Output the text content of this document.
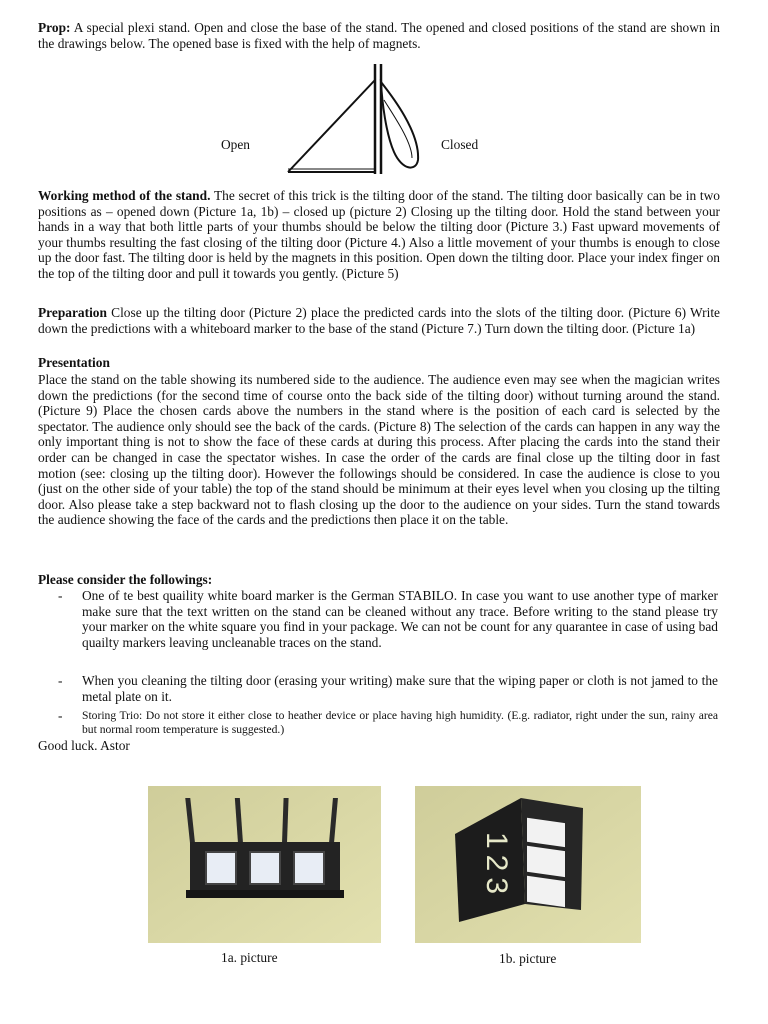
Prop: A special plexi stand. Open and close the base of the stand. The opened and closed positions of the stand are shown in the drawings below. The opened base is fixed with the help of magnets.

Open	Closed

Working method of the stand. The secret of this trick is the tilting door of the stand. The tilting door basically can be in two positions as – opened down (Picture 1a, 1b) – closed up (picture 2) Closing up the tilting door. Hold the stand between your hands in a way that both little parts of your thumbs should be below the tilting door (Picture 3.) Fast upward movements of your thumbs resulting the fast closing of the tilting door (Picture 4.) Also a little movement of your thumbs is enough to close up the door fast. The tilting door is held by the magnets in this position. Open down the tilting door. Place your index finger on the top of the tilting door and pull it towards you gently. (Picture 5)

Preparation Close up the tilting door (Picture 2) place the predicted cards into the slots of the tilting door. (Picture 6) Write down the predictions with a whiteboard marker to the base of the stand (Picture 7.) Turn down the tilting door. (Picture 1a)

Presentation

Place the stand on the table showing its numbered side to the audience. The audience even may see when the magician writes down the predictions (for the second time of course onto the back side of the tilting door) without turning around the stand. (Picture 9) Place the chosen cards above the numbers in the stand where is the position of each card is selected by the spectator. The audience only should see the back of the cards. (Picture 8) The selection of the cards can happen in any way the only important thing is not to show the face of these cards at during this process. After placing the cards into the stand their order can be changed in case the spectator wishes. In case the order of the cards are final close up the tilting door in fast motion (see: closing up the tilting door). However the followings should be considered. In case the audience is close to you (just on the other side of your table) the top of the stand should be minimum at their eyes level when you closing up the tilting door. Also please take a step backward not to flash closing up the door to the audience on your sides. Turn the stand towards the audience showing the face of the cards and the predictions then place it on the table.

Please consider the followings:

- One of te best quaility white board marker is the German STABILO. In case you want to use another type of marker make sure that the text written on the stand can be cleaned without any trace. Before writing to the stand please try your marker on the white square you find in your package. We can not be count for any quarantee in case of using bad quailty markers leaving uncleanable traces on the stand.

- When you cleaning the tilting door (erasing your writing) make sure that the wiping paper or cloth is not jamed to the metal plate on it.

- Storing Trio: Do not store it either close to heather device or place having high humidity. (E.g. radiator, right under the sun, rainy area but normal room temperature is suggested.)

Good luck. Astor

1a. picture
123
1b. picture
